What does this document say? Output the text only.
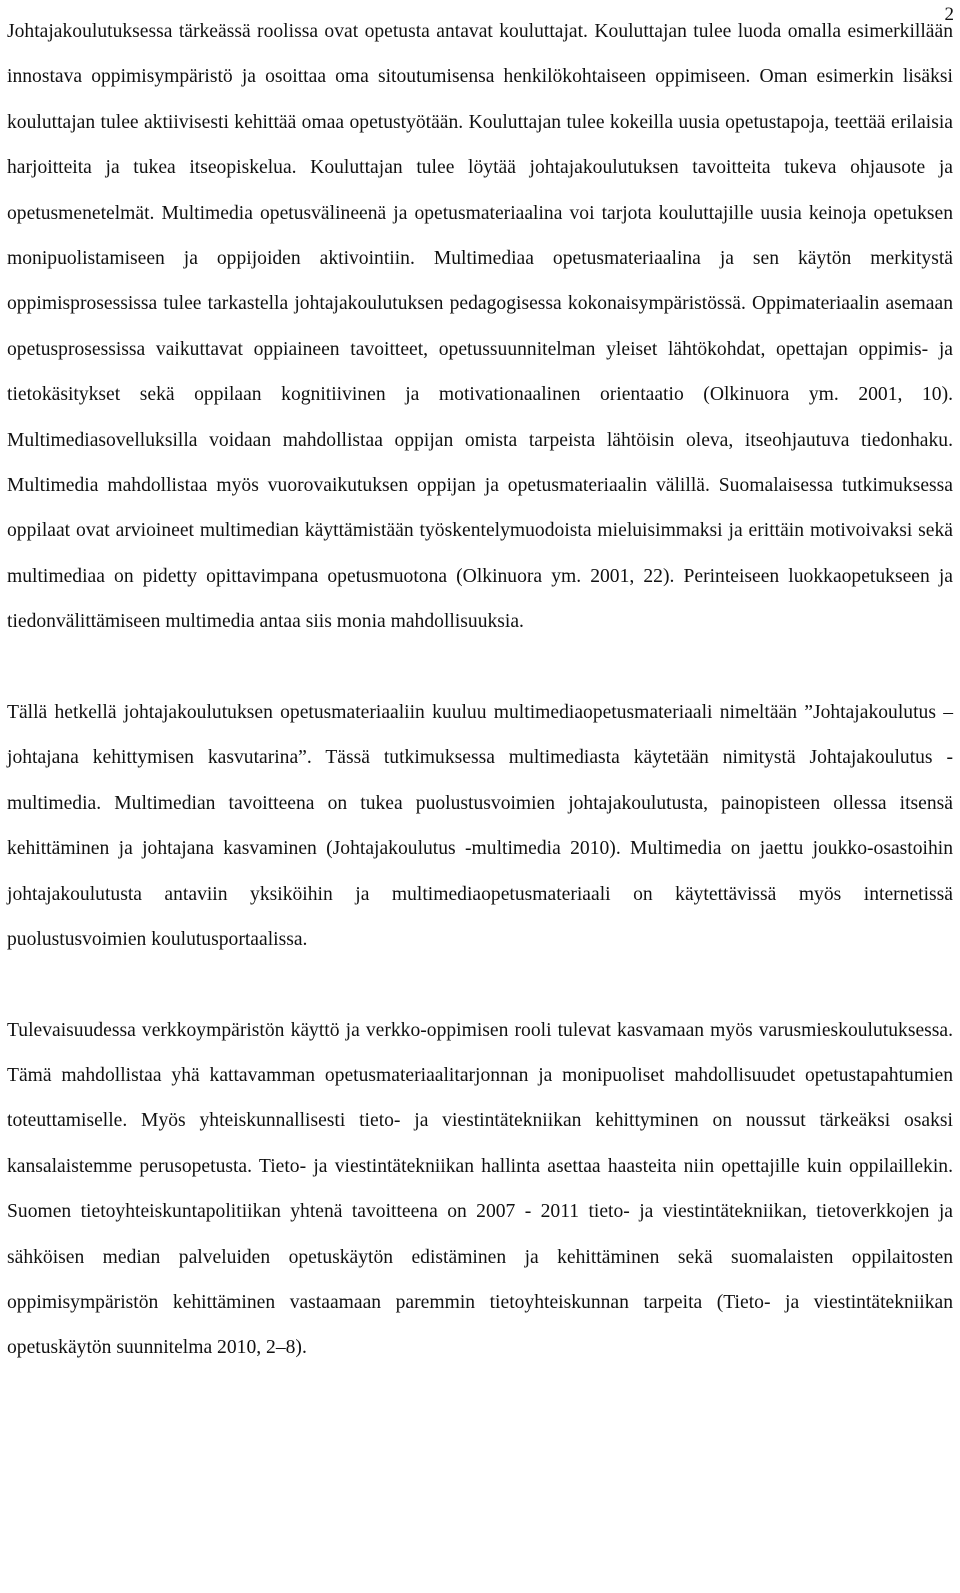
2

Johtajakoulutuksessa tärkeässä roolissa ovat opetusta antavat kouluttajat. Kouluttajan tulee luoda omalla esimerkillään innostava oppimisympäristö ja osoittaa oma sitoutumisensa henkilökohtaiseen oppimiseen. Oman esimerkin lisäksi kouluttajan tulee aktiivisesti kehittää omaa opetustyötään. Kouluttajan tulee kokeilla uusia opetustapoja, teettää erilaisia harjoitteita ja tukea itseopiskelua. Kouluttajan tulee löytää johtajakoulutuksen tavoitteita tukeva ohjausote ja opetusmenetelmät. Multimedia opetusvälineenä ja opetusmateriaalina voi tarjota kouluttajille uusia keinoja opetuksen monipuolistamiseen ja oppijoiden aktivointiin. Multimediaa opetusmateriaalina ja sen käytön merkitystä oppimisprosessissa tulee tarkastella johtajakoulutuksen pedagogisessa kokonaisympäristössä. Oppimateriaalin asemaan opetusprosessissa vaikuttavat oppiaineen tavoitteet, opetussuunnitelman yleiset lähtökohdat, opettajan oppimis- ja tietokäsitykset sekä oppilaan kognitiivinen ja motivationaalinen orientaatio (Olkinuora ym. 2001, 10). Multimediasovelluksilla voidaan mahdollistaa oppijan omista tarpeista lähtöisin oleva, itseohjautuva tiedonhaku. Multimedia mahdollistaa myös vuorovaikutuksen oppijan ja opetusmateriaalin välillä. Suomalaisessa tutkimuksessa oppilaat ovat arvioineet multimedian käyttämistään työskentelymuodoista mieluisimmaksi ja erittäin motivoivaksi sekä multimediaa on pidetty opittavimpana opetusmuotona (Olkinuora ym. 2001, 22). Perinteiseen luokkaopetukseen ja tiedonvälittämiseen multimedia antaa siis monia mahdollisuuksia.

Tällä hetkellä johtajakoulutuksen opetusmateriaaliin kuuluu multimediaopetusmateriaali nimeltään ”Johtajakoulutus – johtajana kehittymisen kasvutarina”. Tässä tutkimuksessa multimediasta käytetään nimitystä Johtajakoulutus -multimedia. Multimedian tavoitteena on tukea puolustusvoimien johtajakoulutusta, painopisteen ollessa itsensä kehittäminen ja johtajana kasvaminen (Johtajakoulutus -multimedia 2010). Multimedia on jaettu joukko-osastoihin johtajakoulutusta antaviin yksiköihin ja multimediaopetusmateriaali on käytettävissä myös internetissä puolustusvoimien koulutusportaalissa.

Tulevaisuudessa verkkoympäristön käyttö ja verkko-oppimisen rooli tulevat kasvamaan myös varusmieskoulutuksessa. Tämä mahdollistaa yhä kattavamman opetusmateriaalitarjonnan ja monipuoliset mahdollisuudet opetustapahtumien toteuttamiselle. Myös yhteiskunnallisesti tieto- ja viestintätekniikan kehittyminen on noussut tärkeäksi osaksi kansalaistemme perusopetusta. Tieto- ja viestintätekniikan hallinta asettaa haasteita niin opettajille kuin oppilaillekin. Suomen tietoyhteiskuntapolitiikan yhtenä tavoitteena on 2007 - 2011 tieto- ja viestintätekniikan, tietoverkkojen ja sähköisen median palveluiden opetuskäytön edistäminen ja kehittäminen sekä suomalaisten oppilaitosten oppimisympäristön kehittäminen vastaamaan paremmin tietoyhteiskunnan tarpeita (Tieto- ja viestintätekniikan opetuskäytön suunnitelma 2010, 2–8).
